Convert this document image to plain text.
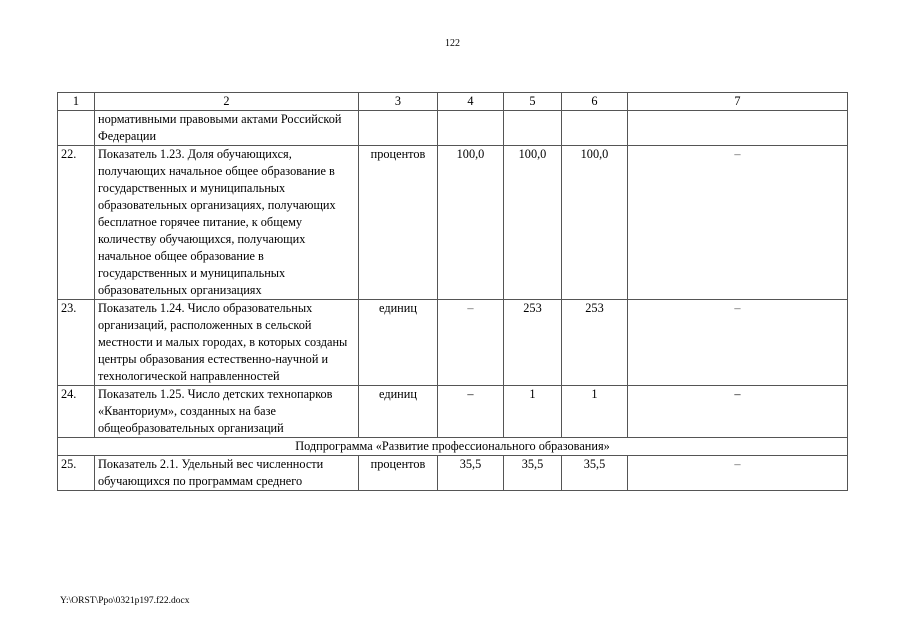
122
1	2	3	4	5	6	7
	нормативными правовыми актами Российской Федерации					
22.	Показатель 1.23. Доля обучающихся, получающих начальное общее образование в государственных и муниципальных образовательных организациях, получающих бесплатное горячее питание, к общему количеству обучающихся, получающих начальное общее образование в государственных и муниципальных образовательных организациях	процентов	100,0	100,0	100,0	–
23.	Показатель 1.24. Число образовательных организаций, расположенных в сельской местности и малых городах, в которых созданы центры образования естественно-научной и технологической направленностей	единиц	–	253	253	–
24.	Показатель 1.25. Число детских технопарков «Кванториум», созданных на базе общеобразовательных организаций	единиц	–	1	1	–
Подпрограмма «Развитие профессионального образования»						
25.	Показатель 2.1. Удельный вес численности обучающихся по программам среднего	процентов	35,5	35,5	35,5	–
Y:\ORST\Ppo\0321p197.f22.docx
